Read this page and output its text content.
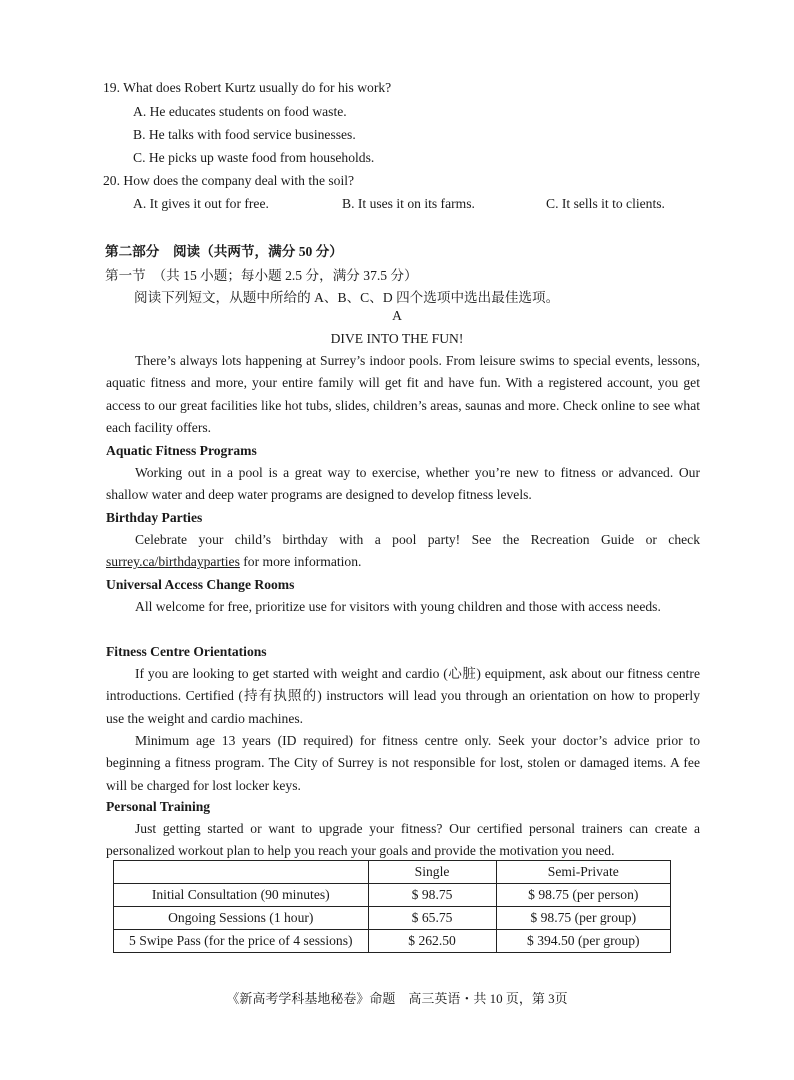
19. What does Robert Kurtz usually do for his work?
A. He educates students on food waste.
B. He talks with food service businesses.
C. He picks up waste food from households.
20. How does the company deal with the soil?
A. It gives it out for free.	B. It uses it on its farms.	C. It sells it to clients.
第二部分　阅读（共两节，满分 50 分）
第一节　（共 15 小题；每小题 2.5 分，满分 37.5 分）
阅读下列短文，从题中所给的 A、B、C、D 四个选项中选出最佳选项。
A
DIVE INTO THE FUN!
There’s always lots happening at Surrey’s indoor pools. From leisure swims to special events, lessons, aquatic fitness and more, your entire family will get fit and have fun. With a registered account, you get access to our great facilities like hot tubs, slides, children’s areas, saunas and more. Check online to see what each facility offers.
Aquatic Fitness Programs
Working out in a pool is a great way to exercise, whether you’re new to fitness or advanced. Our shallow water and deep water programs are designed to develop fitness levels.
Birthday Parties
Celebrate your child’s birthday with a pool party! See the Recreation Guide or check surrey.ca/birthdayparties for more information.
Universal Access Change Rooms
All welcome for free, prioritize use for visitors with young children and those with access needs.
Fitness Centre Orientations
If you are looking to get started with weight and cardio (心脏) equipment, ask about our fitness centre introductions. Certified (持有执照的) instructors will lead you through an orientation on how to properly use the weight and cardio machines.
Minimum age 13 years (ID required) for fitness centre only. Seek your doctor’s advice prior to beginning a fitness program. The City of Surrey is not responsible for lost, stolen or damaged items. A fee will be charged for lost locker keys.
Personal Training
Just getting started or want to upgrade your fitness? Our certified personal trainers can create a personalized workout plan to help you reach your goals and provide the motivation you need.
	Single	Semi-Private
Initial Consultation (90 minutes)	$ 98.75	$ 98.75 (per person)
Ongoing Sessions (1 hour)	$ 65.75	$ 98.75 (per group)
5 Swipe Pass (for the price of 4 sessions)	$ 262.50	$ 394.50 (per group)
《新高考学科基地秘卷》命题　高三英语・共 10 页，第 3页
